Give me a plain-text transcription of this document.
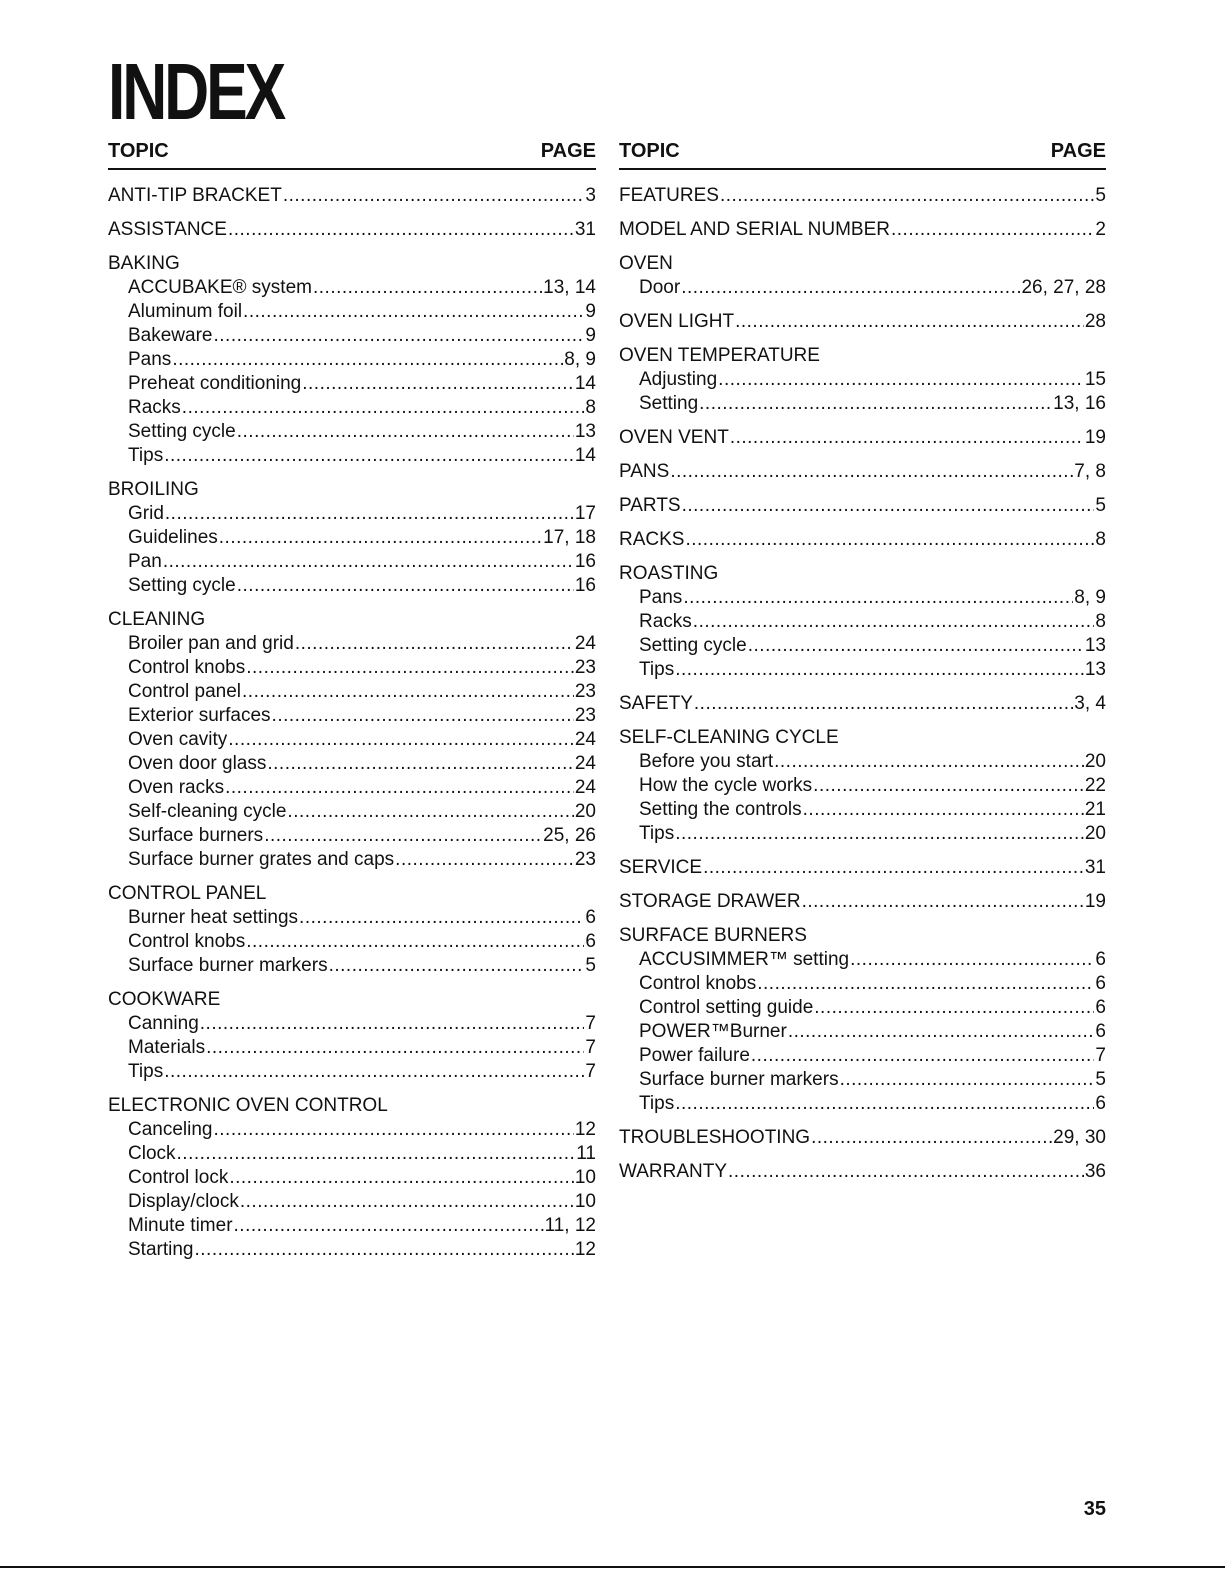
INDEX
TOPIC	PAGE
ANTI-TIP BRACKET .....	3
ASSISTANCE .....	31
BAKING
ACCUBAKE® system .....	13, 14
Aluminum foil .....	9
Bakeware .....	9
Pans .....	8, 9
Preheat conditioning .....	14
Racks .....	8
Setting cycle .....	13
Tips .....	14
BROILING
Grid .....	17
Guidelines .....	17, 18
Pan .....	16
Setting cycle .....	16
CLEANING
Broiler pan and grid .....	24
Control knobs .....	23
Control panel .....	23
Exterior surfaces .....	23
Oven cavity .....	24
Oven door glass .....	24
Oven racks .....	24
Self-cleaning cycle .....	20
Surface burners .....	25, 26
Surface burner grates and caps .....	23
CONTROL PANEL
Burner heat settings .....	6
Control knobs .....	6
Surface burner markers .....	5
COOKWARE
Canning .....	7
Materials .....	7
Tips .....	7
ELECTRONIC OVEN CONTROL
Canceling .....	12
Clock .....	11
Control lock .....	10
Display/clock .....	10
Minute timer .....	11, 12
Starting .....	12
TOPIC	PAGE
FEATURES .....	5
MODEL AND SERIAL NUMBER .....	2
OVEN
Door .....	26, 27, 28
OVEN LIGHT .....	28
OVEN TEMPERATURE
Adjusting .....	15
Setting .....	13, 16
OVEN VENT .....	19
PANS .....	7, 8
PARTS .....	5
RACKS .....	8
ROASTING
Pans .....	8, 9
Racks .....	8
Setting cycle .....	13
Tips .....	13
SAFETY .....	3, 4
SELF-CLEANING CYCLE
Before you start .....	20
How the cycle works .....	22
Setting the controls .....	21
Tips .....	20
SERVICE .....	31
STORAGE DRAWER .....	19
SURFACE BURNERS
ACCUSIMMER™ setting .....	6
Control knobs .....	6
Control setting guide .....	6
POWER™Burner .....	6
Power failure .....	7
Surface burner markers .....	5
Tips .....	6
TROUBLESHOOTING .....	29, 30
WARRANTY .....	36
35
